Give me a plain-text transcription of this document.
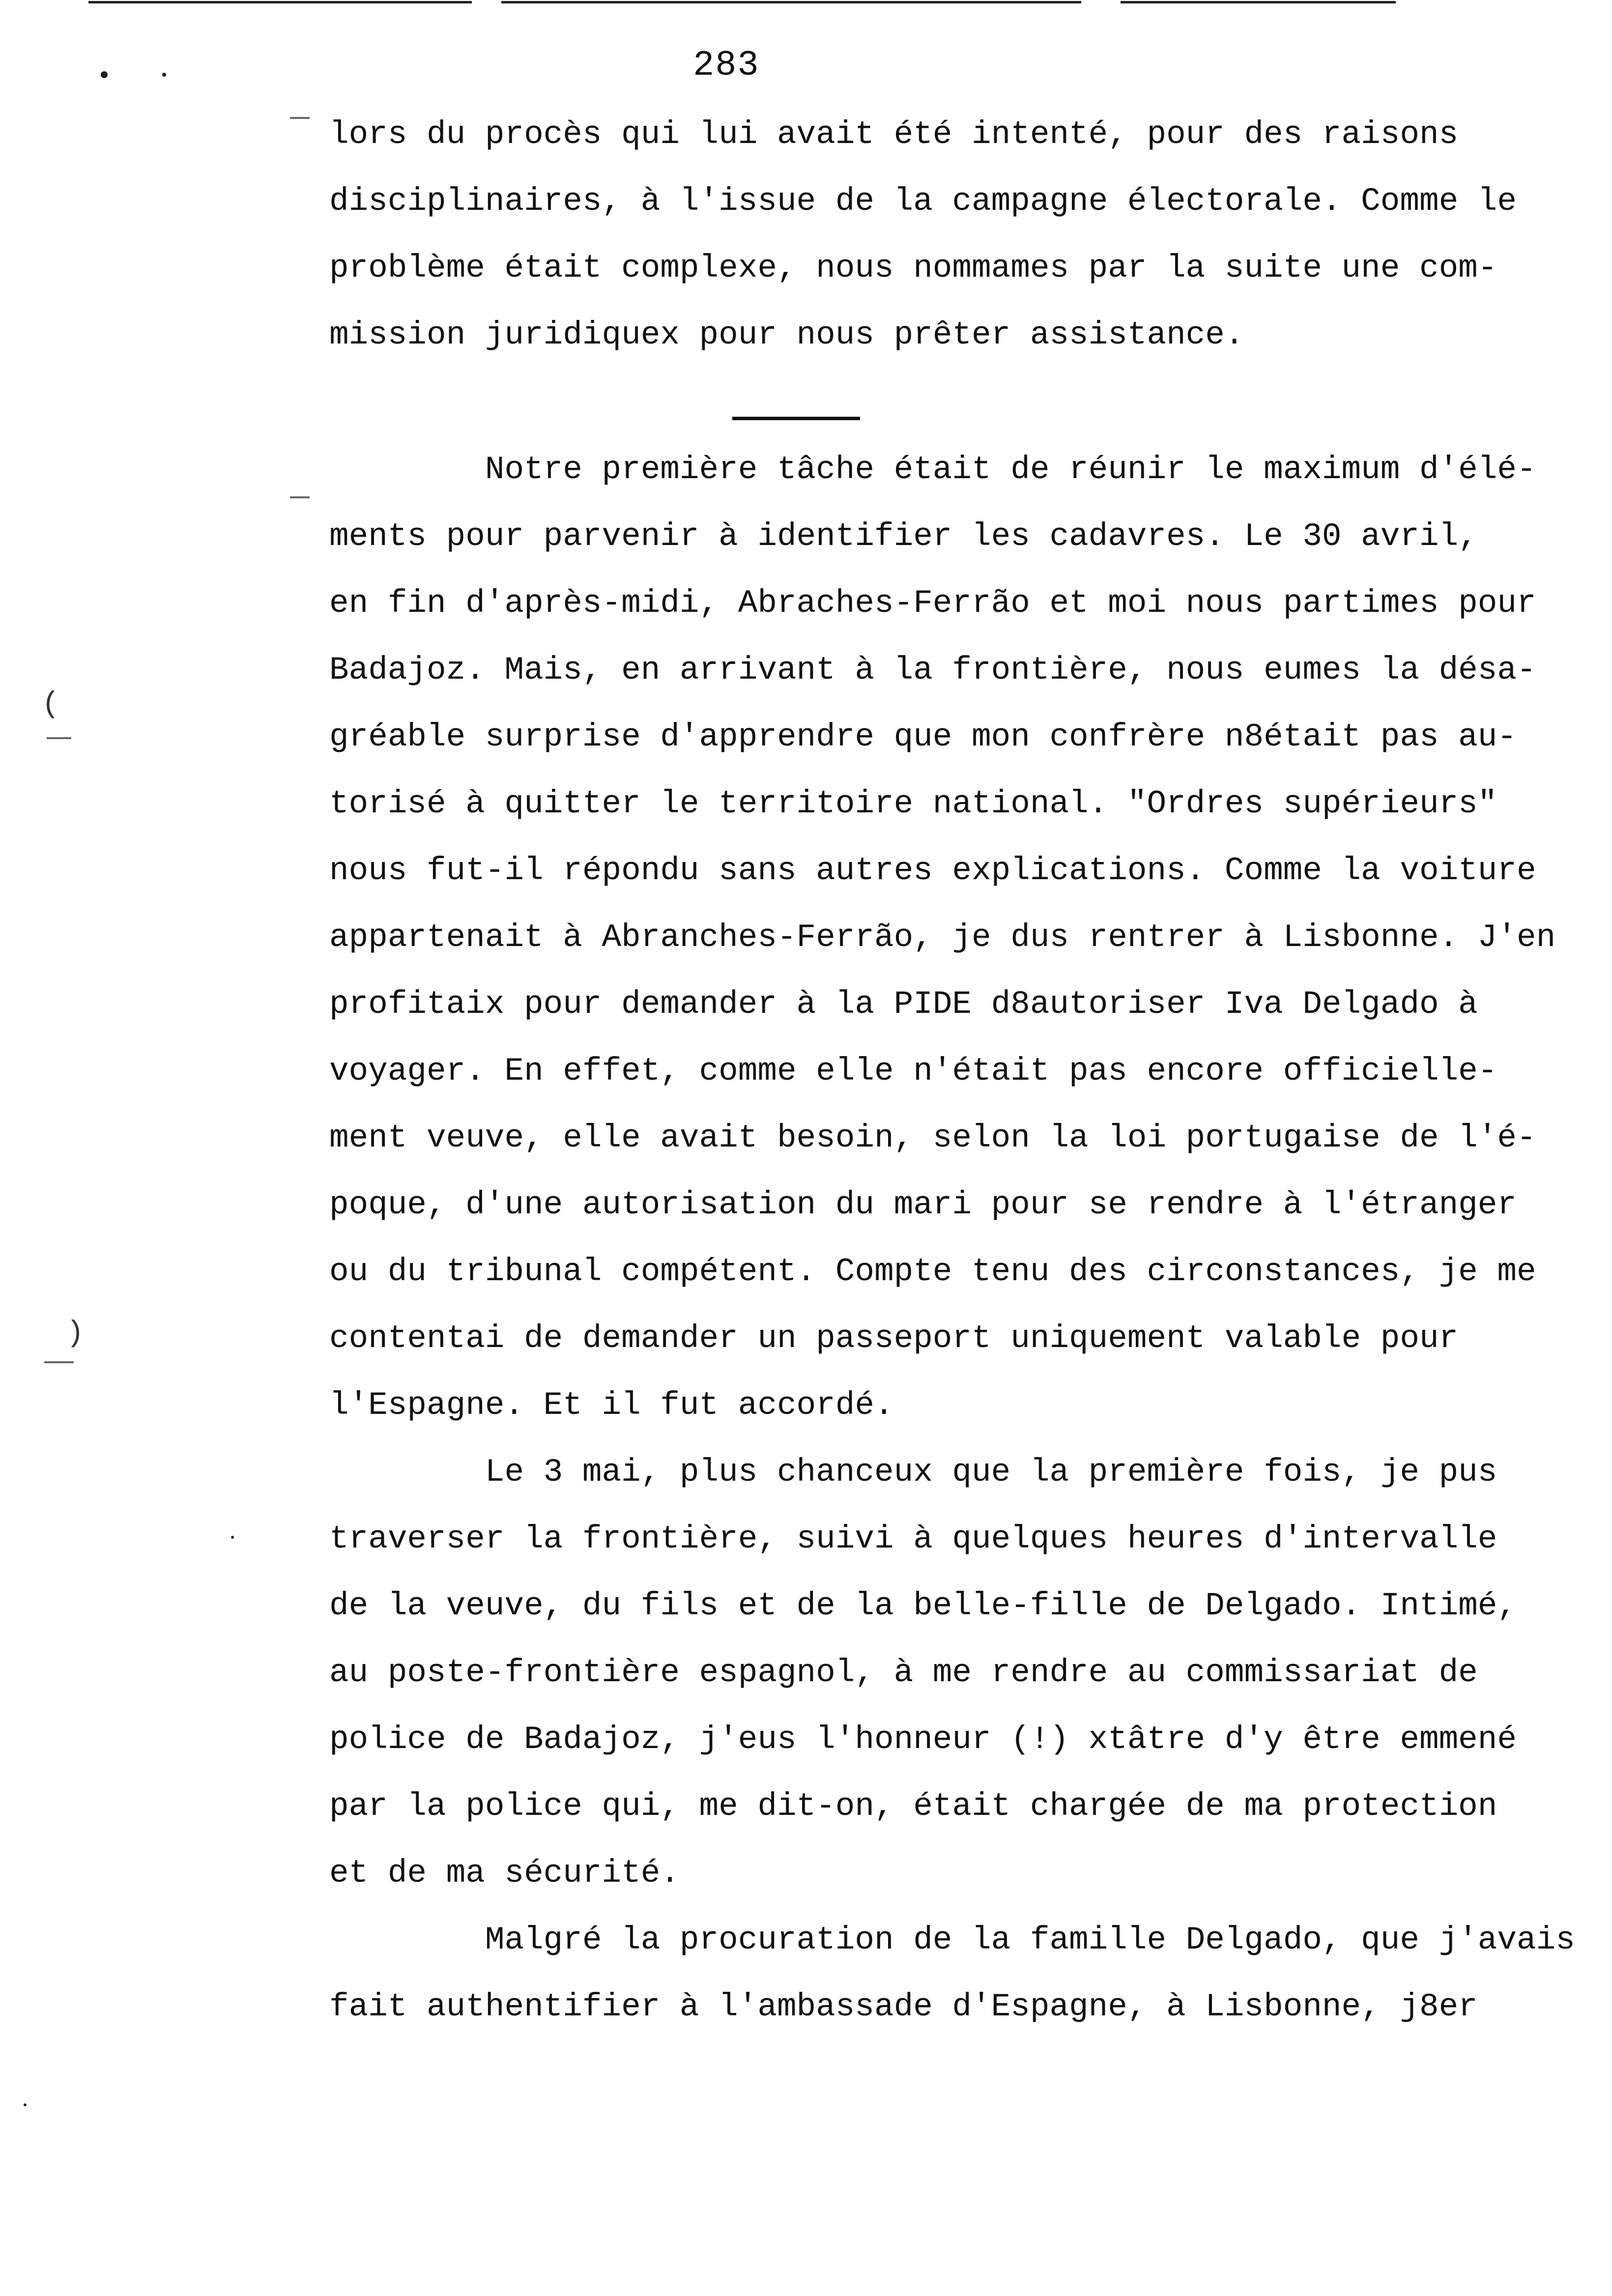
283
(
)
lors du procès qui lui avait été intenté, pour des raisons
disciplinaires, à l'issue de la campagne électorale. Comme le
problème était complexe, nous nommames par la suite une com-
mission juridiquex pour nous prêter assistance.
Notre première tâche était de réunir le maximum d'élé-
ments pour parvenir à identifier les cadavres. Le 30 avril,
en fin d'après-midi, Abraches-Ferrão et moi nous partimes pour
Badajoz. Mais, en arrivant à la frontière, nous eumes la désa-
gréable surprise d'apprendre que mon confrère n8était pas au-
torisé à quitter le territoire national. "Ordres supérieurs"
nous fut-il répondu sans autres explications. Comme la voiture
appartenait à Abranches-Ferrão, je dus rentrer à Lisbonne. J'en
profitaix pour demander à la PIDE d8autoriser Iva Delgado à
voyager. En effet, comme elle n'était pas encore officielle-
ment veuve, elle avait besoin, selon la loi portugaise de l'é-
poque, d'une autorisation du mari pour se rendre à l'étranger
ou du tribunal compétent. Compte tenu des circonstances, je me
contentai de demander un passeport uniquement valable pour
l'Espagne. Et il fut accordé.
Le 3 mai, plus chanceux que la première fois, je pus
traverser la frontière, suivi à quelques heures d'intervalle
de la veuve, du fils et de la belle-fille de Delgado. Intimé,
au poste-frontière espagnol, à me rendre au commissariat de
police de Badajoz, j'eus l'honneur (!) xtâtre d'y être emmené
par la police qui, me dit-on, était chargée de ma protection
et de ma sécurité.
Malgré la procuration de la famille Delgado, que j'avais
fait authentifier à l'ambassade d'Espagne, à Lisbonne, j8er
